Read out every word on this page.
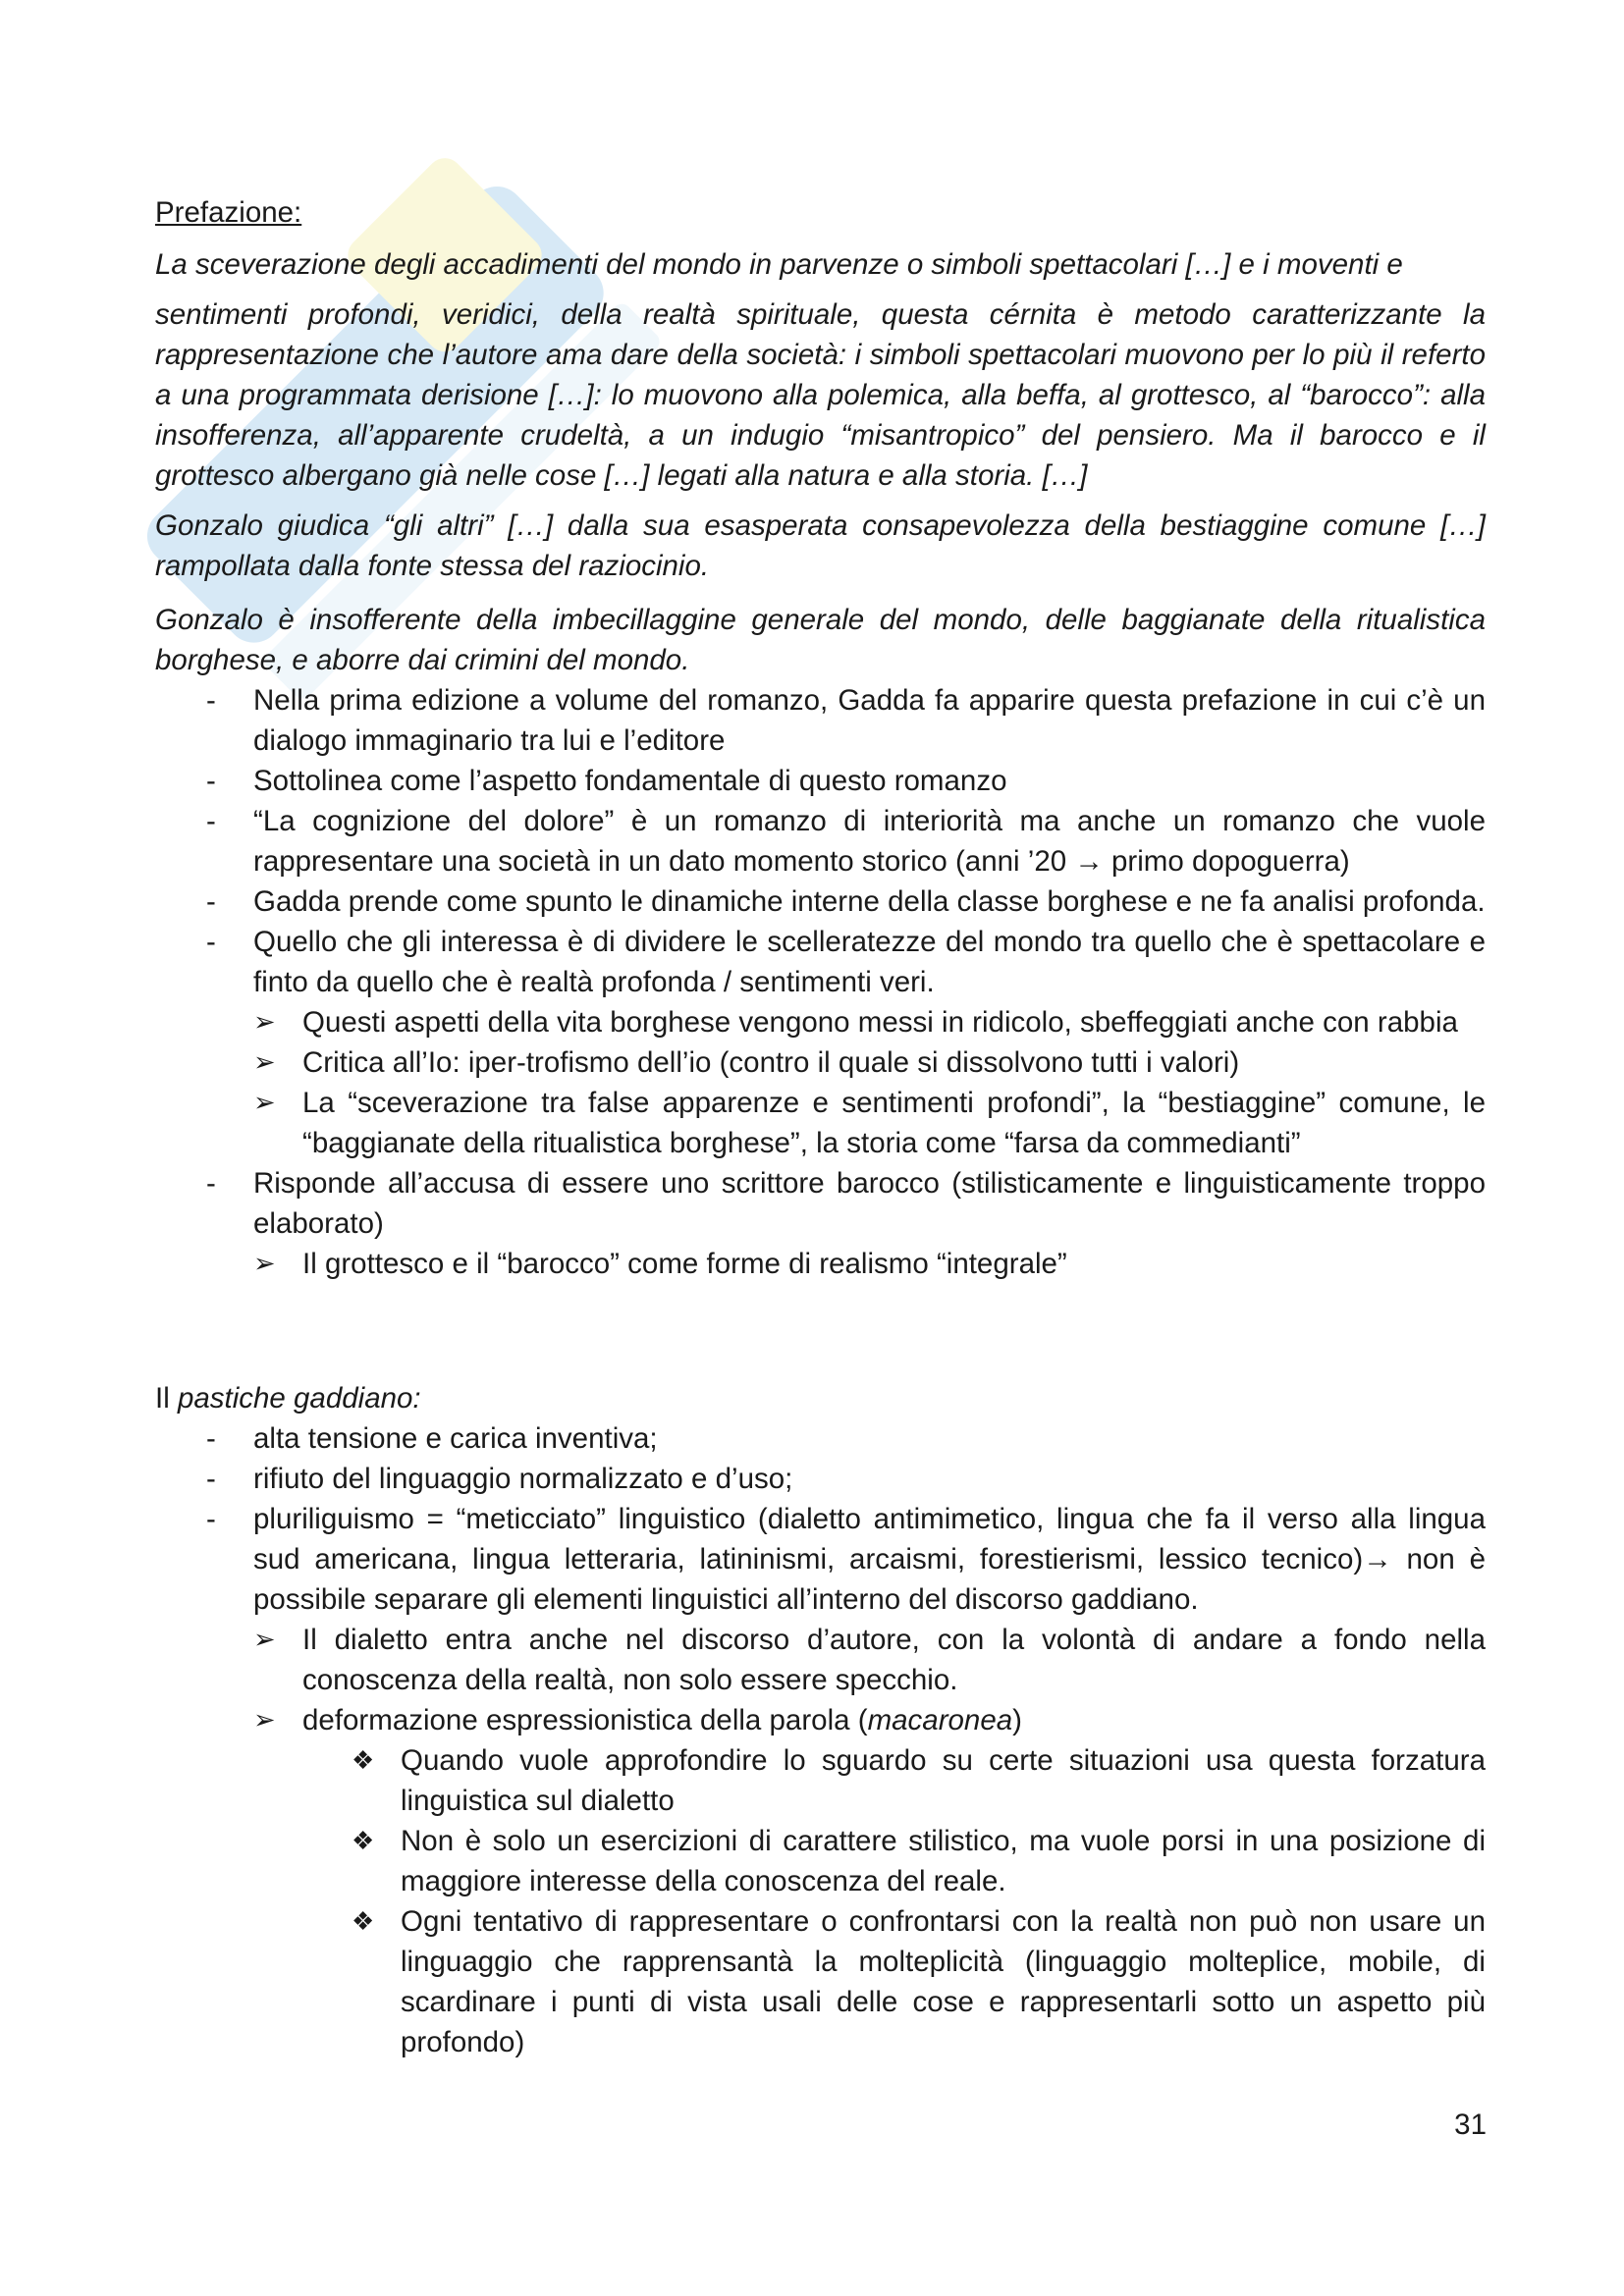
Prefazione:

La sceverazione degli accadimenti del mondo in parvenze o simboli spettacolari […] e i moventi e

sentimenti profondi, veridici, della realtà spirituale, questa cérnita è metodo caratterizzante la rappresentazione che l’autore ama dare della società: i simboli spettacolari muovono per lo più il referto a una programmata derisione […]: lo muovono alla polemica, alla beffa, al grottesco, al “barocco”: alla insofferenza, all’apparente crudeltà, a un indugio “misantropico” del pensiero. Ma il barocco e il grottesco albergano già nelle cose […] legati alla natura e alla storia. […]

Gonzalo giudica “gli altri” […] dalla sua esasperata consapevolezza della bestiaggine comune […] rampollata dalla fonte stessa del raziocinio.

Gonzalo è insofferente della imbecillaggine generale del mondo, delle baggianate della ritualistica borghese, e aborre dai crimini del mondo.

- Nella prima edizione a volume del romanzo, Gadda fa apparire questa prefazione in cui c’è un dialogo immaginario tra lui e l’editore
- Sottolinea come l’aspetto fondamentale di questo romanzo
- “La cognizione del dolore” è un romanzo di interiorità ma anche un romanzo che vuole rappresentare una società in un dato momento storico (anni ’20 → primo dopoguerra)
- Gadda prende come spunto le dinamiche interne della classe borghese e ne fa analisi profonda.
- Quello che gli interessa è di dividere le scelleratezze del mondo tra quello che è spettacolare e finto da quello che è realtà profonda / sentimenti veri.
➢ Questi aspetti della vita borghese vengono messi in ridicolo, sbeffeggiati anche con rabbia
➢ Critica all’Io: iper-trofismo dell’io (contro il quale si dissolvono tutti i valori)
➢ La “sceverazione tra false apparenze e sentimenti profondi”, la “bestiaggine” comune, le “baggianate della ritualistica borghese”, la storia come “farsa da commedianti”
- Risponde all’accusa di essere uno scrittore barocco (stilisticamente e linguisticamente troppo elaborato)
➢ Il grottesco e il “barocco” come forme di realismo “integrale”

Il pastiche gaddiano:

- alta tensione e carica inventiva;
- rifiuto del linguaggio normalizzato e d’uso;
- pluriliguismo = “meticciato” linguistico (dialetto antimimetico, lingua che fa il verso alla lingua sud americana, lingua letteraria, latininismi, arcaismi, forestierismi, lessico tecnico)→ non è possibile separare gli elementi linguistici all’interno del discorso gaddiano.
➢ Il dialetto entra anche nel discorso d’autore, con la volontà di andare a fondo nella conoscenza della realtà, non solo essere specchio.
➢ deformazione espressionistica della parola (macaronea)
❖ Quando vuole approfondire lo sguardo su certe situazioni usa questa forzatura linguistica sul dialetto
❖ Non è solo un esercizioni di carattere stilistico, ma vuole porsi in una posizione di maggiore interesse della conoscenza del reale.
❖ Ogni tentativo di rappresentare o confrontarsi con la realtà non può non usare un linguaggio che rapprensantà la molteplicità (linguaggio molteplice, mobile, di scardinare i punti di vista usali delle cose e rappresentarli sotto un aspetto più profondo)
31
